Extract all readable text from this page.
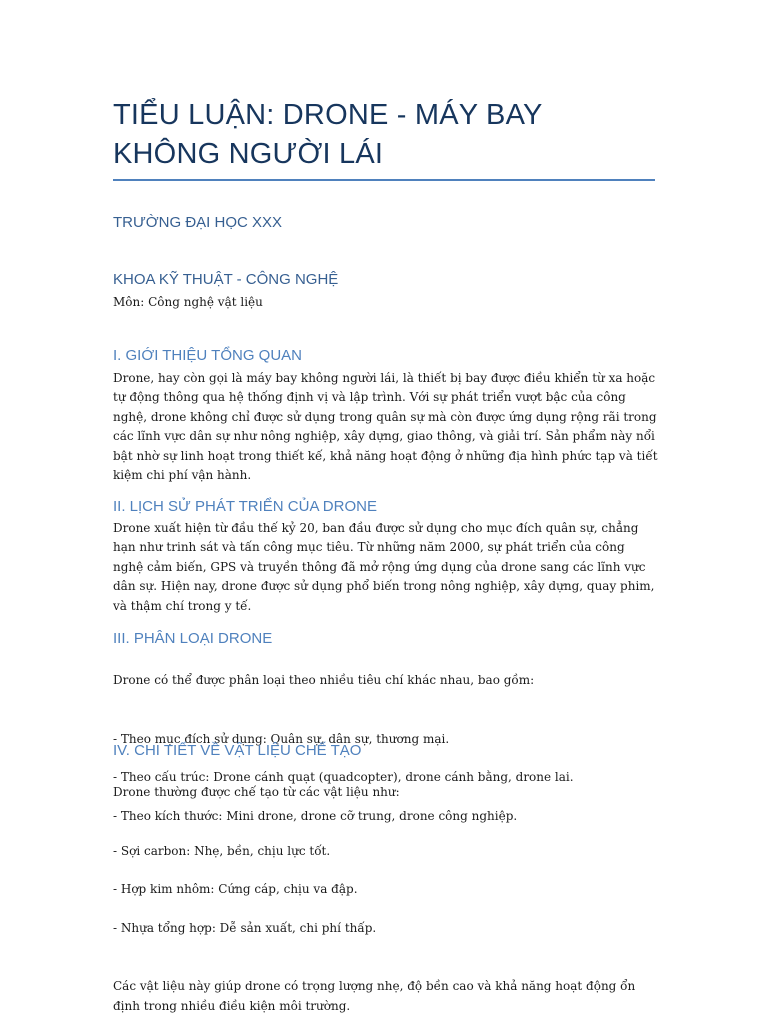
TIỂU LUẬN: DRONE - MÁY BAY KHÔNG NGƯỜI LÁI
TRƯỜNG ĐẠI HỌC XXX
KHOA KỸ THUẬT - CÔNG NGHỆ

Môn: Công nghệ vật liệu

I. GIỚI THIỆU TỔNG QUAN

Drone, hay còn gọi là máy bay không người lái, là thiết bị bay được điều khiển từ xa hoặc tự động thông qua hệ thống định vị và lập trình. Với sự phát triển vượt bậc của công nghệ, drone không chỉ được sử dụng trong quân sự mà còn được ứng dụng rộng rãi trong các lĩnh vực dân sự như nông nghiệp, xây dựng, giao thông, và giải trí. Sản phẩm này nổi bật nhờ sự linh hoạt trong thiết kế, khả năng hoạt động ở những địa hình phức tạp và tiết kiệm chi phí vận hành.

II. LỊCH SỬ PHÁT TRIỂN CỦA DRONE

Drone xuất hiện từ đầu thế kỷ 20, ban đầu được sử dụng cho mục đích quân sự, chẳng hạn như trinh sát và tấn công mục tiêu. Từ những năm 2000, sự phát triển của công nghệ cảm biến, GPS và truyền thông đã mở rộng ứng dụng của drone sang các lĩnh vực dân sự. Hiện nay, drone được sử dụng phổ biến trong nông nghiệp, xây dựng, quay phim, và thậm chí trong y tế.

III. PHÂN LOẠI DRONE

Drone có thể được phân loại theo nhiều tiêu chí khác nhau, bao gồm:

- Theo mục đích sử dụng: Quân sự, dân sự, thương mại.

- Theo cấu trúc: Drone cánh quạt (quadcopter), drone cánh bằng, drone lai.

- Theo kích thước: Mini drone, drone cỡ trung, drone công nghiệp.

IV. CHI TIẾT VỀ VẬT LIỆU CHẾ TẠO

Drone thường được chế tạo từ các vật liệu như:

- Sợi carbon: Nhẹ, bền, chịu lực tốt.

- Hợp kim nhôm: Cứng cáp, chịu va đập.

- Nhựa tổng hợp: Dễ sản xuất, chi phí thấp.

Các vật liệu này giúp drone có trọng lượng nhẹ, độ bền cao và khả năng hoạt động ổn định trong nhiều điều kiện môi trường.
